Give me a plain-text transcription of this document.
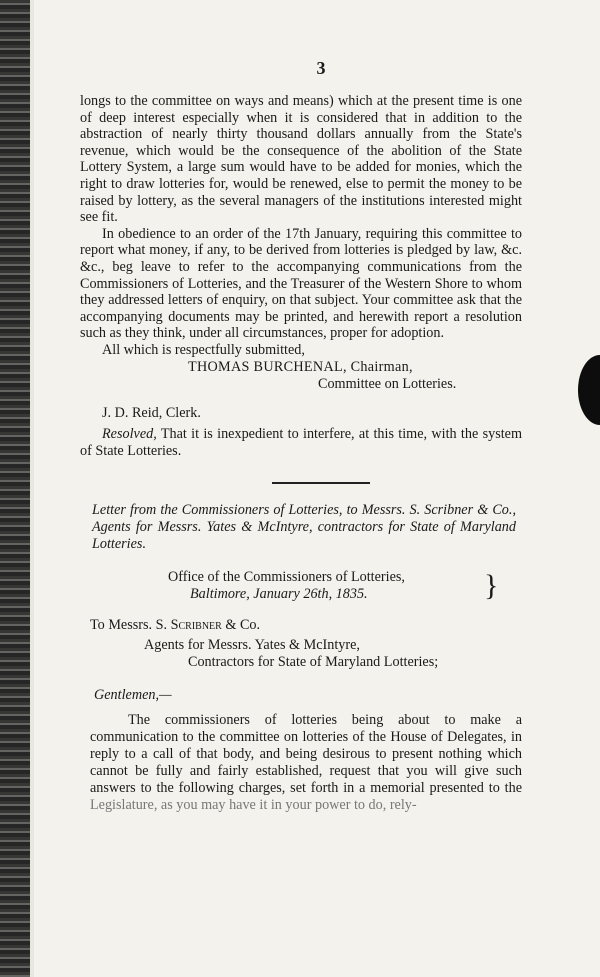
3

longs to the committee on ways and means) which at the present time is one of deep interest especially when it is considered that in addition to the abstraction of nearly thirty thousand dollars annually from the State's revenue, which would be the consequence of the abolition of the State Lottery System, a large sum would have to be added for monies, which the right to draw lotteries for, would be renewed, else to permit the money to be raised by lottery, as the several managers of the institutions interested might see fit.

In obedience to an order of the 17th January, requiring this committee to report what money, if any, to be derived from lotteries is pledged by law, &c. &c., beg leave to refer to the accompanying communications from the Commissioners of Lotteries, and the Treasurer of the Western Shore to whom they addressed letters of enquiry, on that subject. Your committee ask that the accompanying documents may be printed, and herewith report a resolution such as they think, under all circumstances, proper for adoption.

All which is respectfully submitted,

THOMAS BURCHENAL, Chairman,

Committee on Lotteries.

J. D. Reid, Clerk.

Resolved, That it is inexpedient to interfere, at this time, with the system of State Lotteries.

Letter from the Commissioners of Lotteries, to Messrs. S. Scribner & Co., Agents for Messrs. Yates & McIntyre, contractors for State of Maryland Lotteries.

Office of the Commissioners of Lotteries,
Baltimore, January 26th, 1835.	}

To Messrs. S. Scribner & Co.

Agents for Messrs. Yates & McIntyre,

Contractors for State of Maryland Lotteries;

Gentlemen,—

The commissioners of lotteries being about to make a communication to the committee on lotteries of the House of Delegates, in reply to a call of that body, and being desirous to present nothing which cannot be fully and fairly established, request that you will give such answers to the following charges, set forth in a memorial presented to the Legislature, as you may have it in your power to do, rely-
